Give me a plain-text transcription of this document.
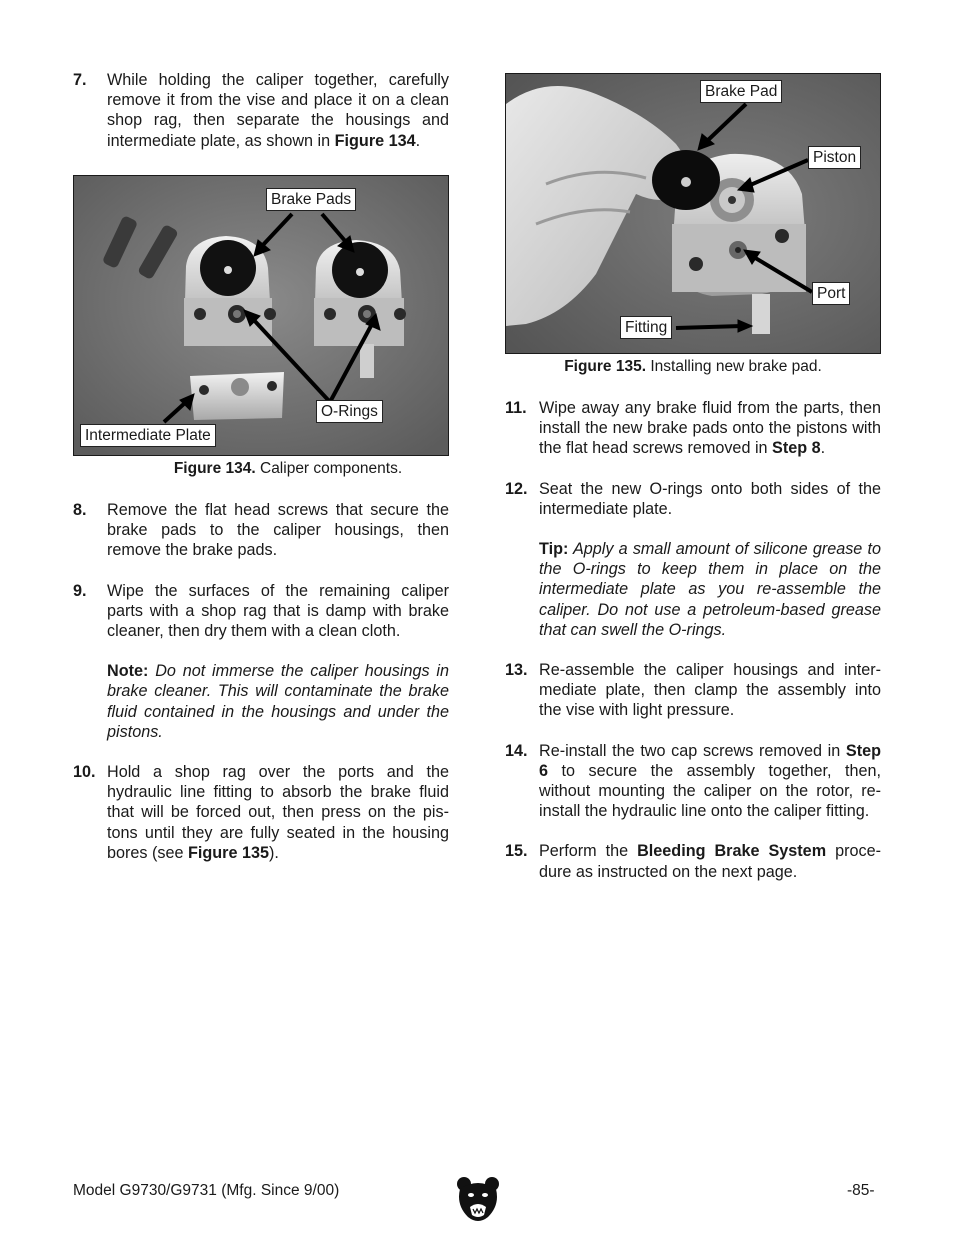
7. While holding the caliper together, carefully remove it from the vise and place it on a clean shop rag, then separate the housings and intermediate plate, as shown in Figure 134.
Brake Pads
O-Rings
Intermediate Plate
Figure 134. Caliper components.
8. Remove the flat head screws that secure the brake pads to the caliper housings, then remove the brake pads.
9. Wipe the surfaces of the remaining caliper parts with a shop rag that is damp with brake cleaner, then dry them with a clean cloth.
Note: Do not immerse the caliper housings in brake cleaner. This will contaminate the brake fluid contained in the housings and under the pistons.
10. Hold a shop rag over the ports and the hydraulic line fitting to absorb the brake fluid that will be forced out, then press on the pis-tons until they are fully seated in the housing bores (see Figure 135).
Brake Pad
Piston
Port
Fitting
Figure 135. Installing new brake pad.
11. Wipe away any brake fluid from the parts, then install the new brake pads onto the pistons with the flat head screws removed in Step 8.
12. Seat the new O-rings onto both sides of the intermediate plate.
Tip: Apply a small amount of silicone grease to the O-rings to keep them in place on the intermediate plate as you re-assemble the caliper. Do not use a petroleum-based grease that can swell the O-rings.
13. Re-assemble the caliper housings and inter-mediate plate, then clamp the assembly into the vise with light pressure.
14. Re-install the two cap screws removed in Step 6 to secure the assembly together, then, without mounting the caliper on the rotor, re-install the hydraulic line onto the caliper fitting.
15. Perform the Bleeding Brake System proce-dure as instructed on the next page.
Model G9730/G9731 (Mfg. Since 9/00)	-85-
